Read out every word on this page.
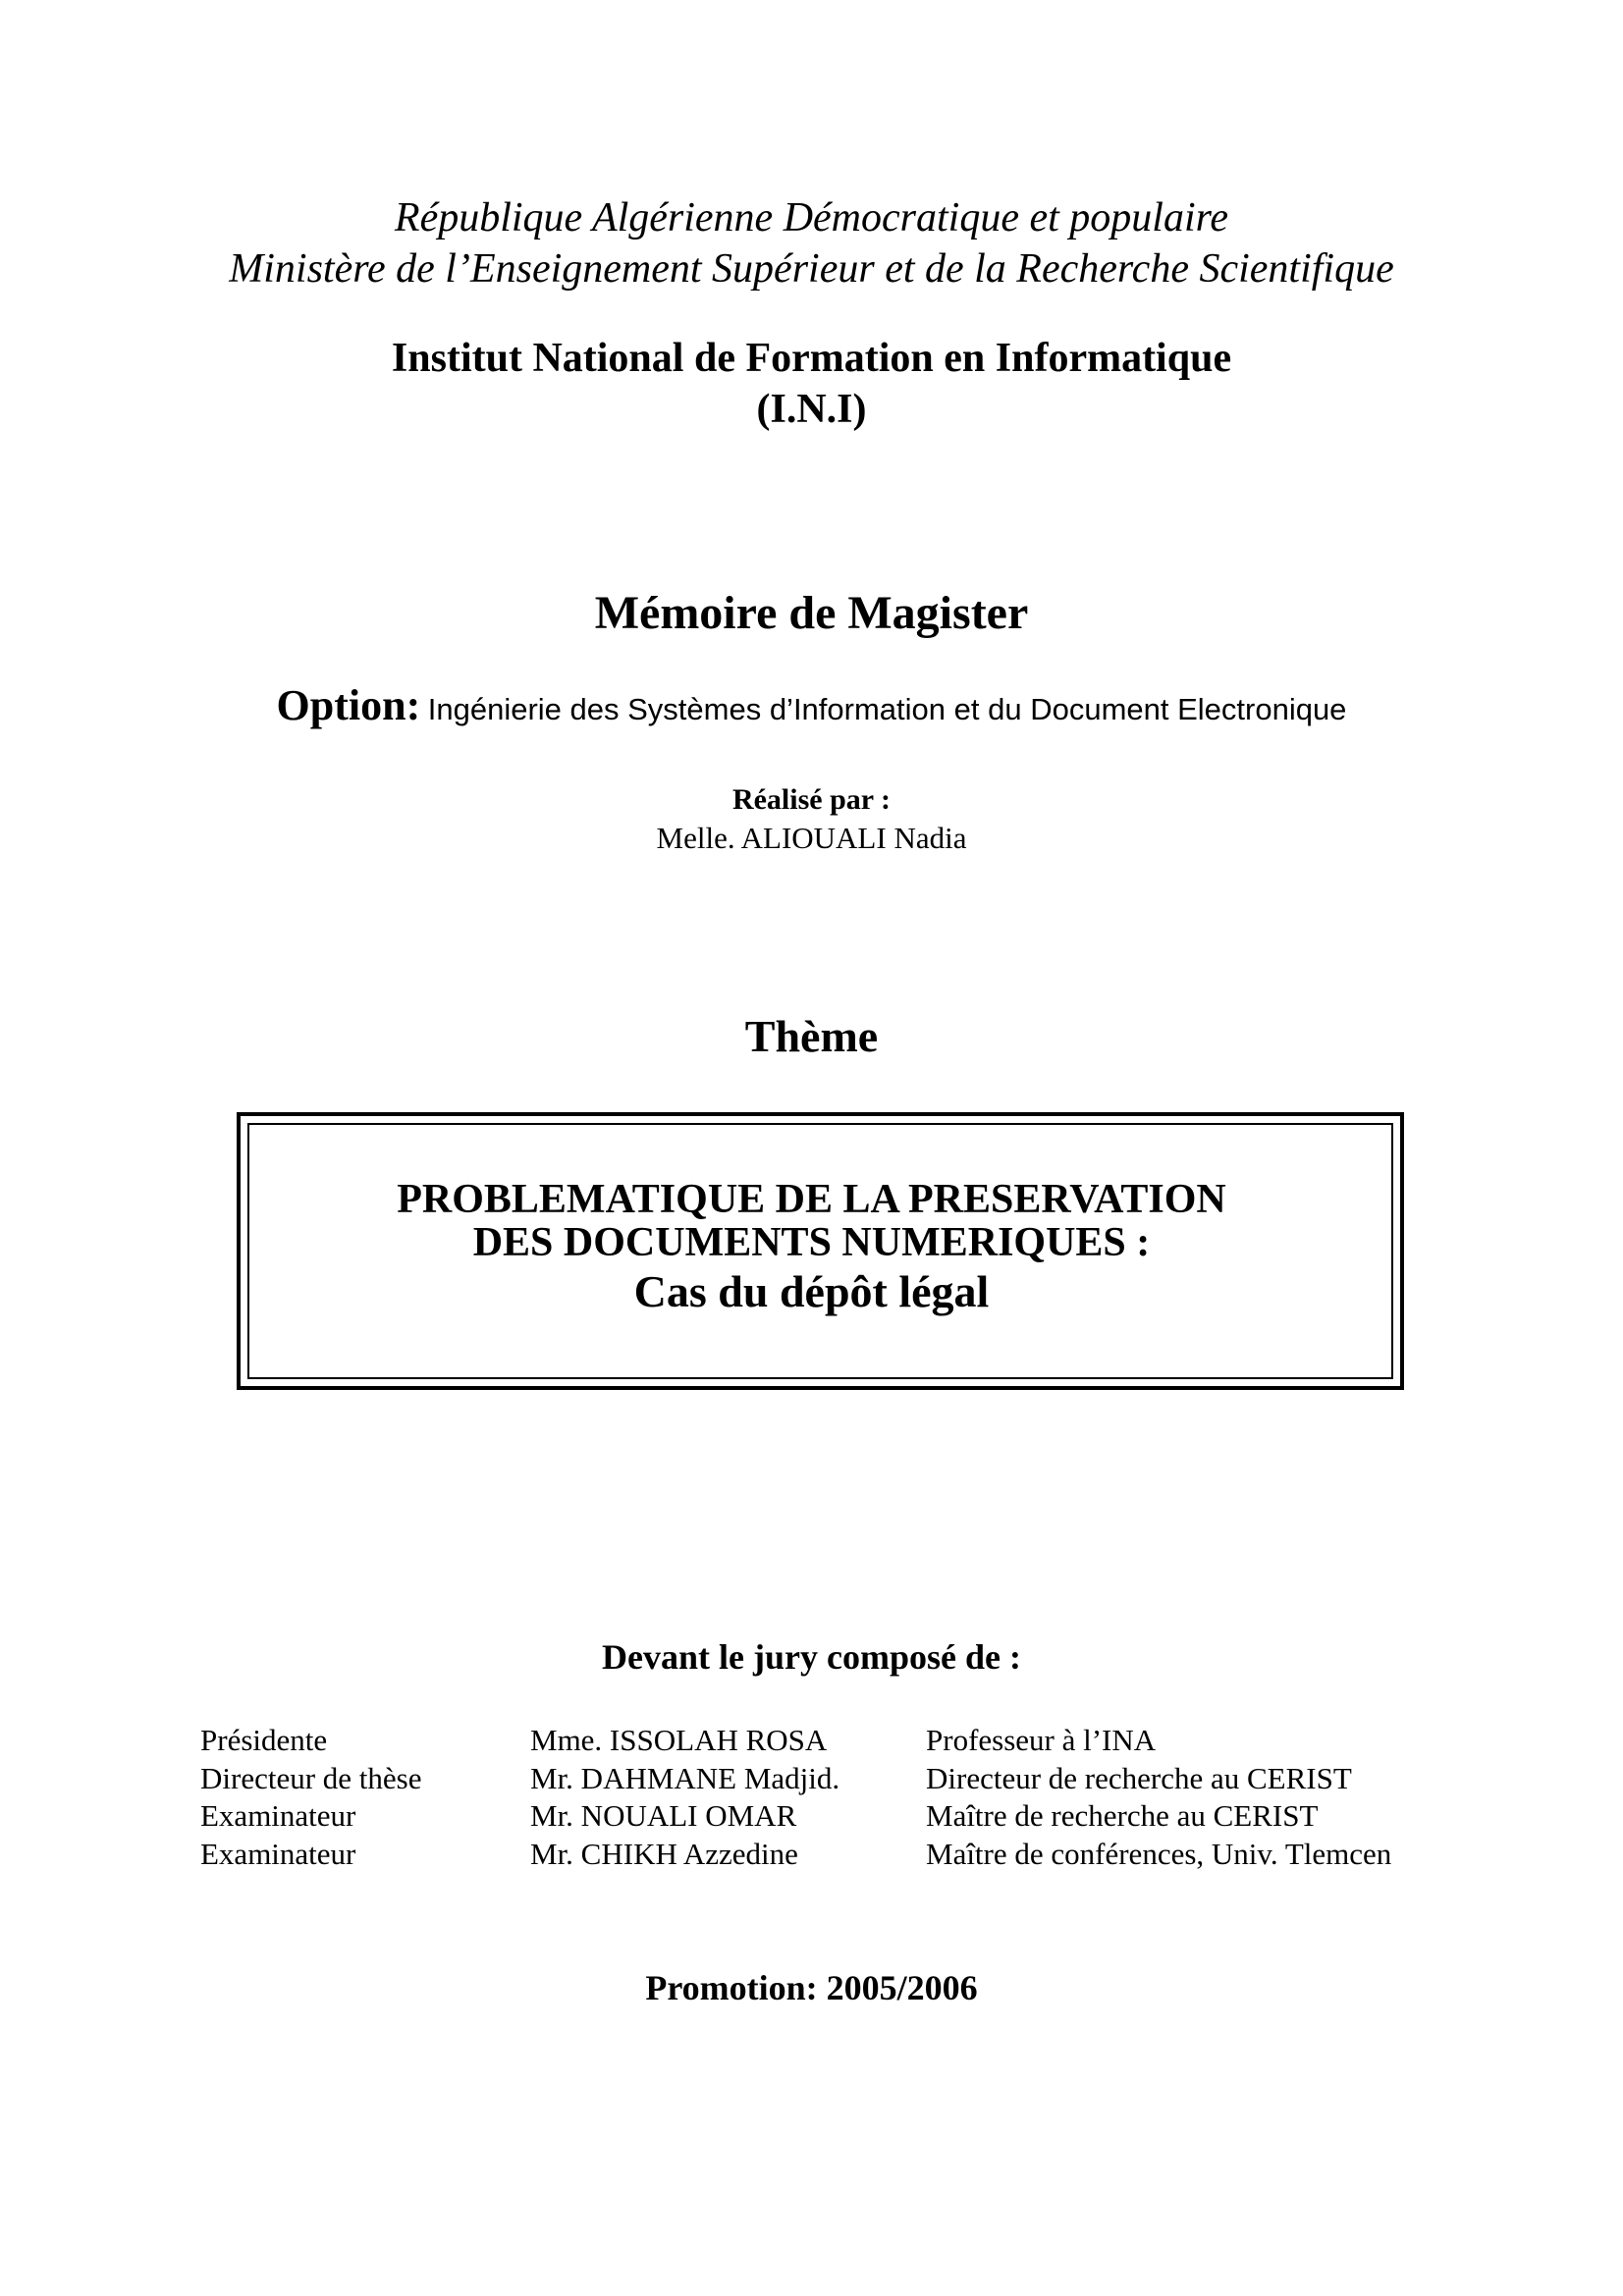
République Algérienne Démocratique et populaire
Ministère de l’Enseignement Supérieur et de la Recherche Scientifique
Institut National de Formation en Informatique
(I.N.I)
Mémoire de Magister
Option: Ingénierie des Systèmes d’Information et du Document Electronique
Réalisé par :
Melle. ALIOUALI Nadia
Thème
PROBLEMATIQUE DE LA PRESERVATION
DES DOCUMENTS NUMERIQUES :
Cas du dépôt légal
Devant le jury composé de :
Présidente	Mme. ISSOLAH ROSA	Professeur à l’INA
Directeur de thèse	Mr. DAHMANE Madjid.	Directeur de recherche au CERIST
Examinateur	Mr. NOUALI OMAR	Maître de recherche au CERIST
Examinateur	Mr. CHIKH Azzedine	Maître de conférences, Univ. Tlemcen
Promotion: 2005/2006
